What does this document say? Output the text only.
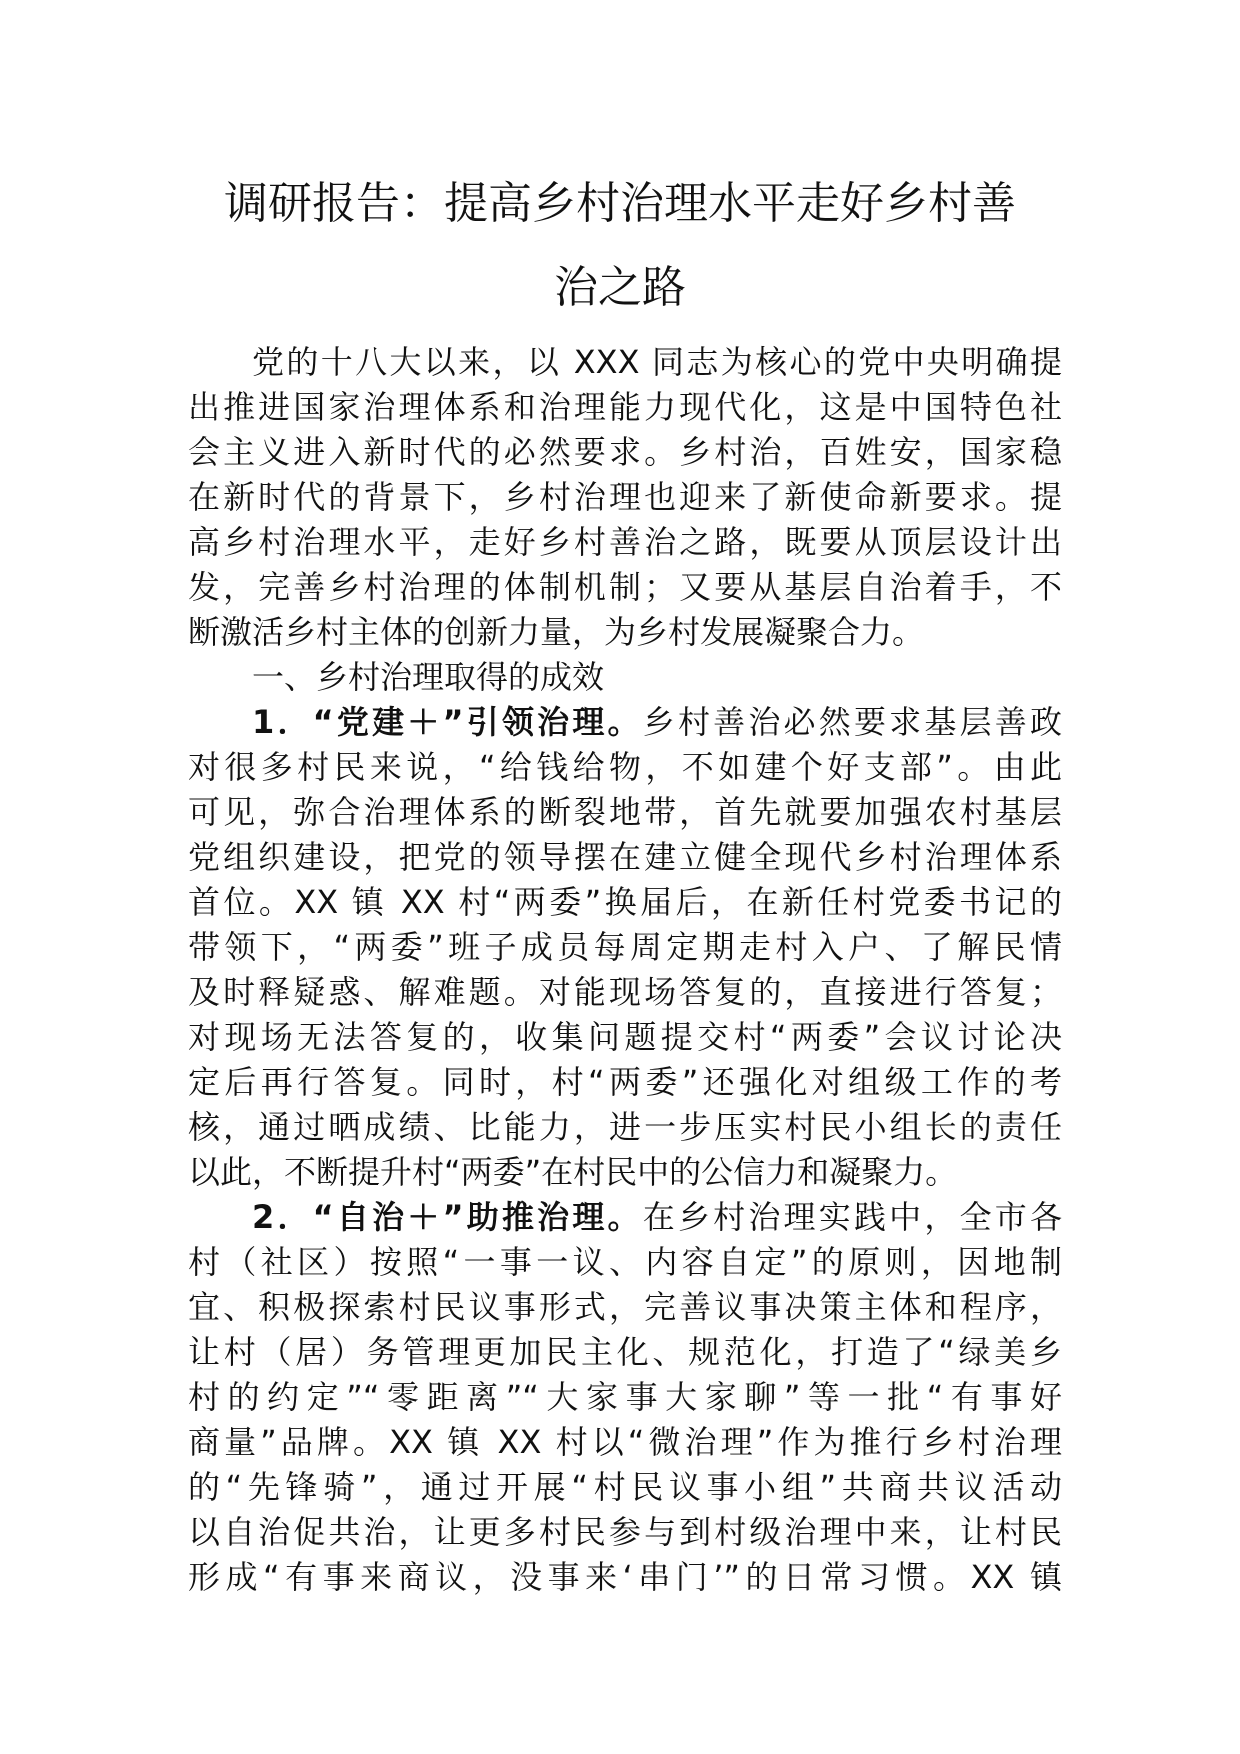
调研报告：提高乡村治理水平走好乡村善
治之路
党的十八大以来，以 XXX 同志为核心的党中央明确提
出推进国家治理体系和治理能力现代化，这是中国特色社
会主义进入新时代的必然要求。乡村治，百姓安，国家稳
在新时代的背景下，乡村治理也迎来了新使命新要求。提
高乡村治理水平，走好乡村善治之路，既要从顶层设计出
发，完善乡村治理的体制机制；又要从基层自治着手，不
断激活乡村主体的创新力量，为乡村发展凝聚合力。
一、乡村治理取得的成效
1．“党建＋”引领治理。乡村善治必然要求基层善政
对很多村民来说，“给钱给物，不如建个好支部”。由此
可见，弥合治理体系的断裂地带，首先就要加强农村基层
党组织建设，把党的领导摆在建立健全现代乡村治理体系
首位。XX 镇 XX 村“两委”换届后，在新任村党委书记的
带领下，“两委”班子成员每周定期走村入户、了解民情
及时释疑惑、解难题。对能现场答复的，直接进行答复；
对现场无法答复的，收集问题提交村“两委”会议讨论决
定后再行答复。同时，村“两委”还强化对组级工作的考
核，通过晒成绩、比能力，进一步压实村民小组长的责任
以此，不断提升村“两委”在村民中的公信力和凝聚力。
2．“自治＋”助推治理。在乡村治理实践中，全市各
村（社区）按照“一事一议、内容自定”的原则，因地制
宜、积极探索村民议事形式，完善议事决策主体和程序，
让村（居）务管理更加民主化、规范化，打造了“绿美乡
村的约定”“零距离”“大家事大家聊”等一批“有事好
商量”品牌。XX 镇 XX 村以“微治理”作为推行乡村治理
的“先锋骑”，通过开展“村民议事小组”共商共议活动
以自治促共治，让更多村民参与到村级治理中来，让村民
形成“有事来商议，没事来‘串门’”的日常习惯。XX 镇
